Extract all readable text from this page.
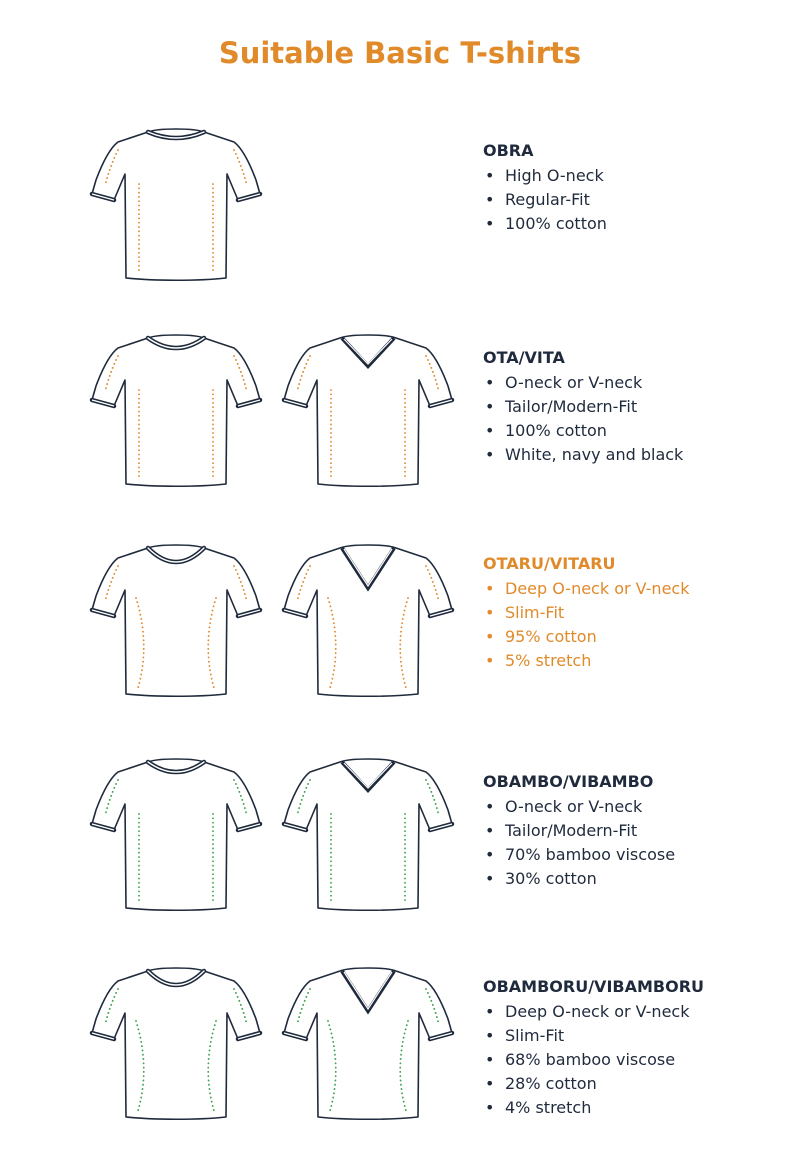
Suitable Basic T-shirts
OBRA
• High O-neck
• Regular-Fit
• 100% cotton
OTA/VITA
• O-neck or V-neck
• Tailor/Modern-Fit
• 100% cotton
• White, navy and black
OTARU/VITARU
• Deep O-neck or V-neck
• Slim-Fit
• 95% cotton
• 5% stretch
OBAMBO/VIBAMBO
• O-neck or V-neck
• Tailor/Modern-Fit
• 70% bamboo viscose
• 30% cotton
OBAMBORU/VIBAMBORU
• Deep O-neck or V-neck
• Slim-Fit
• 68% bamboo viscose
• 28% cotton
• 4% stretch
